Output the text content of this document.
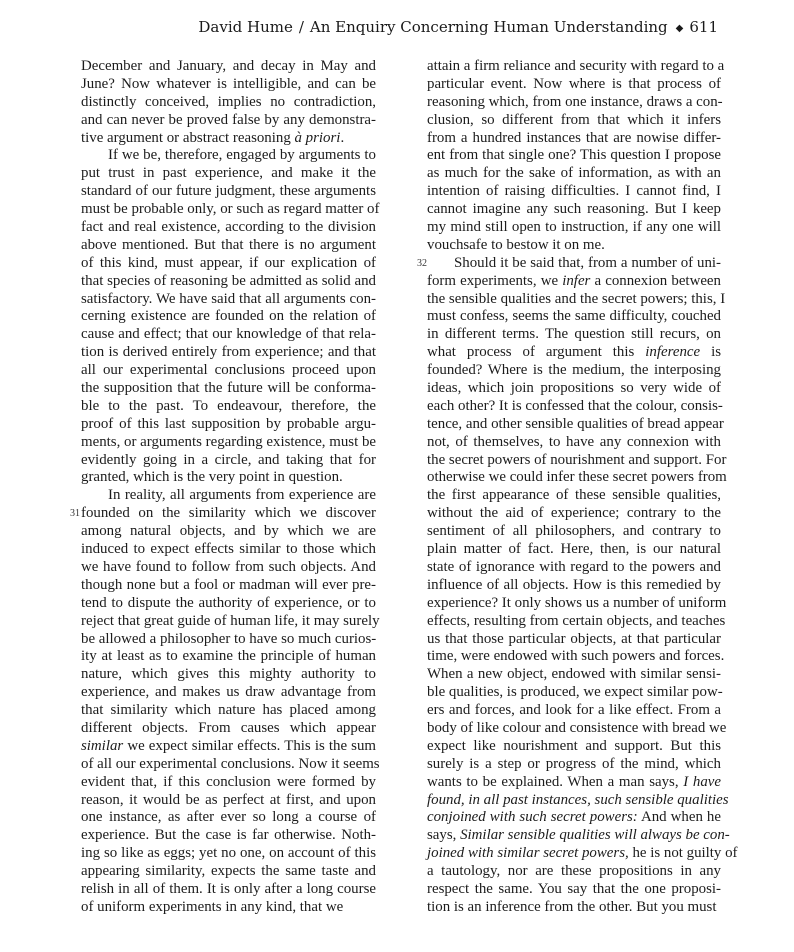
David Hume / An Enquiry Concerning Human Understanding ◆ 611
31
32
December and January, and decay in May and
June? Now whatever is intelligible, and can be
distinctly conceived, implies no contradiction,
and can never be proved false by any demonstra-
tive argument or abstract reasoning à priori.
If we be, therefore, engaged by arguments to
put trust in past experience, and make it the
standard of our future judgment, these arguments
must be probable only, or such as regard matter of
fact and real existence, according to the division
above mentioned. But that there is no argument
of this kind, must appear, if our explication of
that species of reasoning be admitted as solid and
satisfactory. We have said that all arguments con-
cerning existence are founded on the relation of
cause and effect; that our knowledge of that rela-
tion is derived entirely from experience; and that
all our experimental conclusions proceed upon
the supposition that the future will be conforma-
ble to the past. To endeavour, therefore, the
proof of this last supposition by probable argu-
ments, or arguments regarding existence, must be
evidently going in a circle, and taking that for
granted, which is the very point in question.
In reality, all arguments from experience are
founded on the similarity which we discover
among natural objects, and by which we are
induced to expect effects similar to those which
we have found to follow from such objects. And
though none but a fool or madman will ever pre-
tend to dispute the authority of experience, or to
reject that great guide of human life, it may surely
be allowed a philosopher to have so much curios-
ity at least as to examine the principle of human
nature, which gives this mighty authority to
experience, and makes us draw advantage from
that similarity which nature has placed among
different objects. From causes which appear
similar we expect similar effects. This is the sum
of all our experimental conclusions. Now it seems
evident that, if this conclusion were formed by
reason, it would be as perfect at first, and upon
one instance, as after ever so long a course of
experience. But the case is far otherwise. Noth-
ing so like as eggs; yet no one, on account of this
appearing similarity, expects the same taste and
relish in all of them. It is only after a long course
of uniform experiments in any kind, that we
attain a firm reliance and security with regard to a
particular event. Now where is that process of
reasoning which, from one instance, draws a con-
clusion, so different from that which it infers
from a hundred instances that are nowise differ-
ent from that single one? This question I propose
as much for the sake of information, as with an
intention of raising difficulties. I cannot find, I
cannot imagine any such reasoning. But I keep
my mind still open to instruction, if any one will
vouchsafe to bestow it on me.
Should it be said that, from a number of uni-
form experiments, we infer a connexion between
the sensible qualities and the secret powers; this, I
must confess, seems the same difficulty, couched
in different terms. The question still recurs, on
what process of argument this inference is
founded? Where is the medium, the interposing
ideas, which join propositions so very wide of
each other? It is confessed that the colour, consis-
tence, and other sensible qualities of bread appear
not, of themselves, to have any connexion with
the secret powers of nourishment and support. For
otherwise we could infer these secret powers from
the first appearance of these sensible qualities,
without the aid of experience; contrary to the
sentiment of all philosophers, and contrary to
plain matter of fact. Here, then, is our natural
state of ignorance with regard to the powers and
influence of all objects. How is this remedied by
experience? It only shows us a number of uniform
effects, resulting from certain objects, and teaches
us that those particular objects, at that particular
time, were endowed with such powers and forces.
When a new object, endowed with similar sensi-
ble qualities, is produced, we expect similar pow-
ers and forces, and look for a like effect. From a
body of like colour and consistence with bread we
expect like nourishment and support. But this
surely is a step or progress of the mind, which
wants to be explained. When a man says, I have
found, in all past instances, such sensible qualities
conjoined with such secret powers: And when he
says, Similar sensible qualities will always be con-
joined with similar secret powers, he is not guilty of
a tautology, nor are these propositions in any
respect the same. You say that the one proposi-
tion is an inference from the other. But you must
